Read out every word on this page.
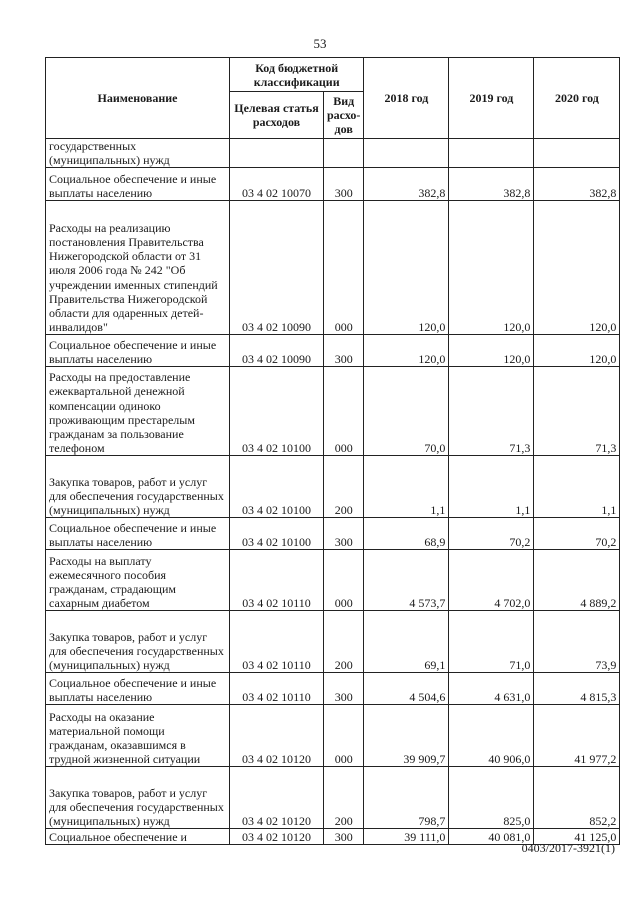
53
Наименование	Код бюджетной классификации		2018 год	2019 год	2020 год
	Целевая статья расходов	Вид расхо-дов			
государственных (муниципальных) нужд					
Социальное обеспечение и иные выплаты населению	03 4 02 10070	300	382,8	382,8	382,8
Расходы на реализацию постановления Правительства Нижегородской области от 31 июля 2006 года № 242 "Об учреждении именных стипендий Правительства Нижегородской области для одаренных детей-инвалидов"	03 4 02 10090	000	120,0	120,0	120,0
Социальное обеспечение и иные выплаты населению	03 4 02 10090	300	120,0	120,0	120,0
Расходы на предоставление ежеквартальной денежной компенсации одиноко проживающим престарелым гражданам за пользование телефоном	03 4 02 10100	000	70,0	71,3	71,3
Закупка товаров, работ и услуг для обеспечения государственных (муниципальных) нужд	03 4 02 10100	200	1,1	1,1	1,1
Социальное обеспечение и иные выплаты населению	03 4 02 10100	300	68,9	70,2	70,2
Расходы на выплату ежемесячного пособия гражданам, страдающим сахарным диабетом	03 4 02 10110	000	4 573,7	4 702,0	4 889,2
Закупка товаров, работ и услуг для обеспечения государственных (муниципальных) нужд	03 4 02 10110	200	69,1	71,0	73,9
Социальное обеспечение и иные выплаты населению	03 4 02 10110	300	4 504,6	4 631,0	4 815,3
Расходы на оказание материальной помощи гражданам, оказавшимся в трудной жизненной ситуации	03 4 02 10120	000	39 909,7	40 906,0	41 977,2
Закупка товаров, работ и услуг для обеспечения государственных (муниципальных) нужд	03 4 02 10120	200	798,7	825,0	852,2
Социальное обеспечение и	03 4 02 10120	300	39 111,0	40 081,0	41 125,0
0403/2017-3921(1)
